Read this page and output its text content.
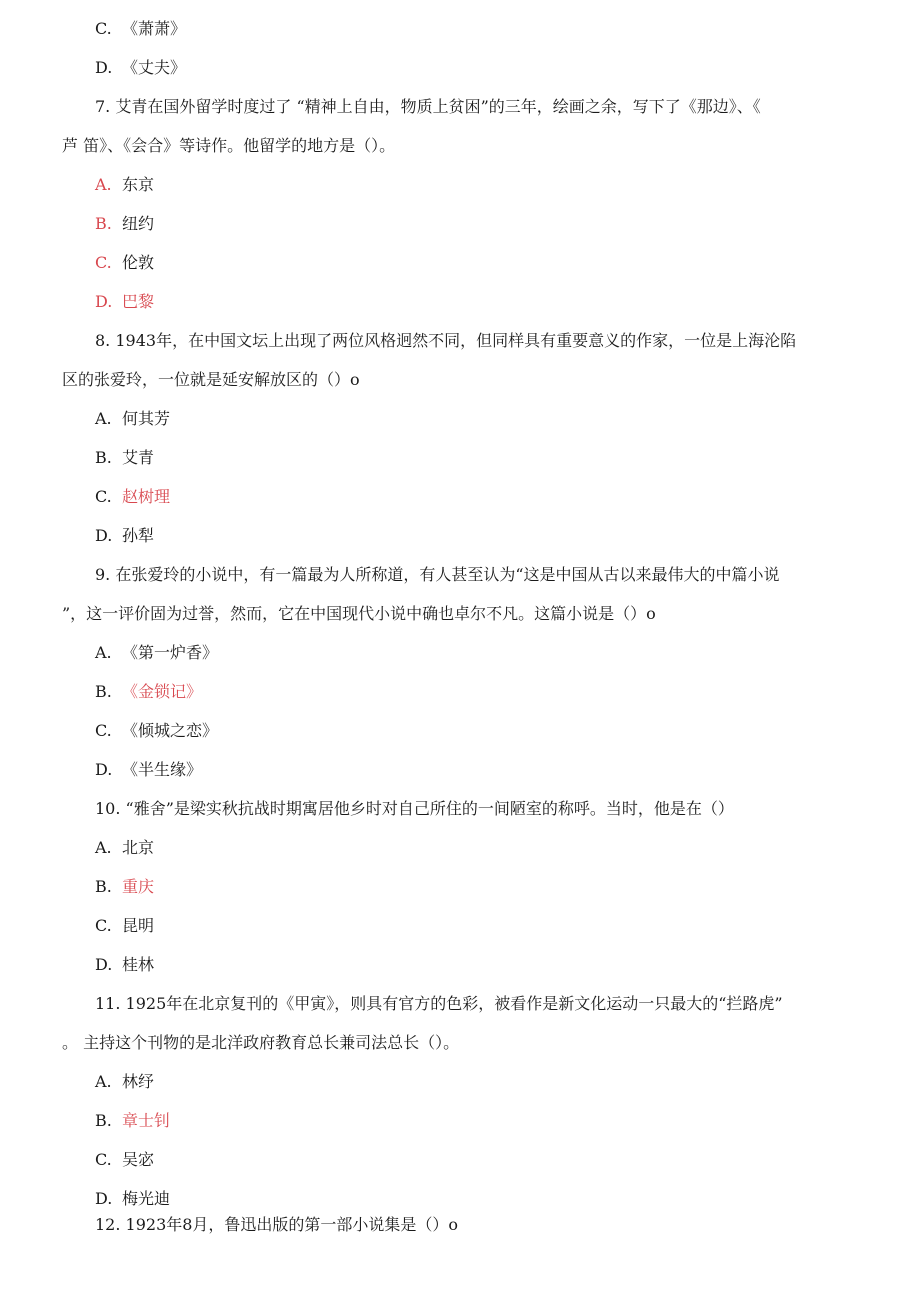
C. 《萧萧》
D. 《丈夫》
7. 艾青在国外留学时度过了 “精神上自由，物质上贫困”的三年，绘画之余，写下了《那边》、《
芦 笛》、《会合》等诗作。他留学的地方是（）。
A. 东京
B. 纽约
C. 伦敦
D. 巴黎
8. 1943年，在中国文坛上出现了两位风格迥然不同，但同样具有重要意义的作家，一位是上海沦陷
区的张爱玲，一位就是延安解放区的（）o
A. 何其芳
B. 艾青
C. 赵树理
D. 孙犁
9. 在张爱玲的小说中，有一篇最为人所称道，有人甚至认为“这是中国从古以来最伟大的中篇小说
”，这一评价固为过誉，然而，它在中国现代小说中确也卓尔不凡。这篇小说是（）o
A. 《第一炉香》
B. 《金锁记》
C. 《倾城之恋》
D. 《半生缘》
10. “雅舍”是梁实秋抗战时期寓居他乡时对自己所住的一间陋室的称呼。当时，他是在（）
A. 北京
B. 重庆
C. 昆明
D. 桂林
11. 1925年在北京复刊的《甲寅》，则具有官方的色彩，被看作是新文化运动一只最大的“拦路虎”
。 主持这个刊物的是北洋政府教育总长兼司法总长（）。
A. 林纾
B. 章士钊
C. 吴宓
D. 梅光迪
12. 1923年8月，鲁迅出版的第一部小说集是（）o
